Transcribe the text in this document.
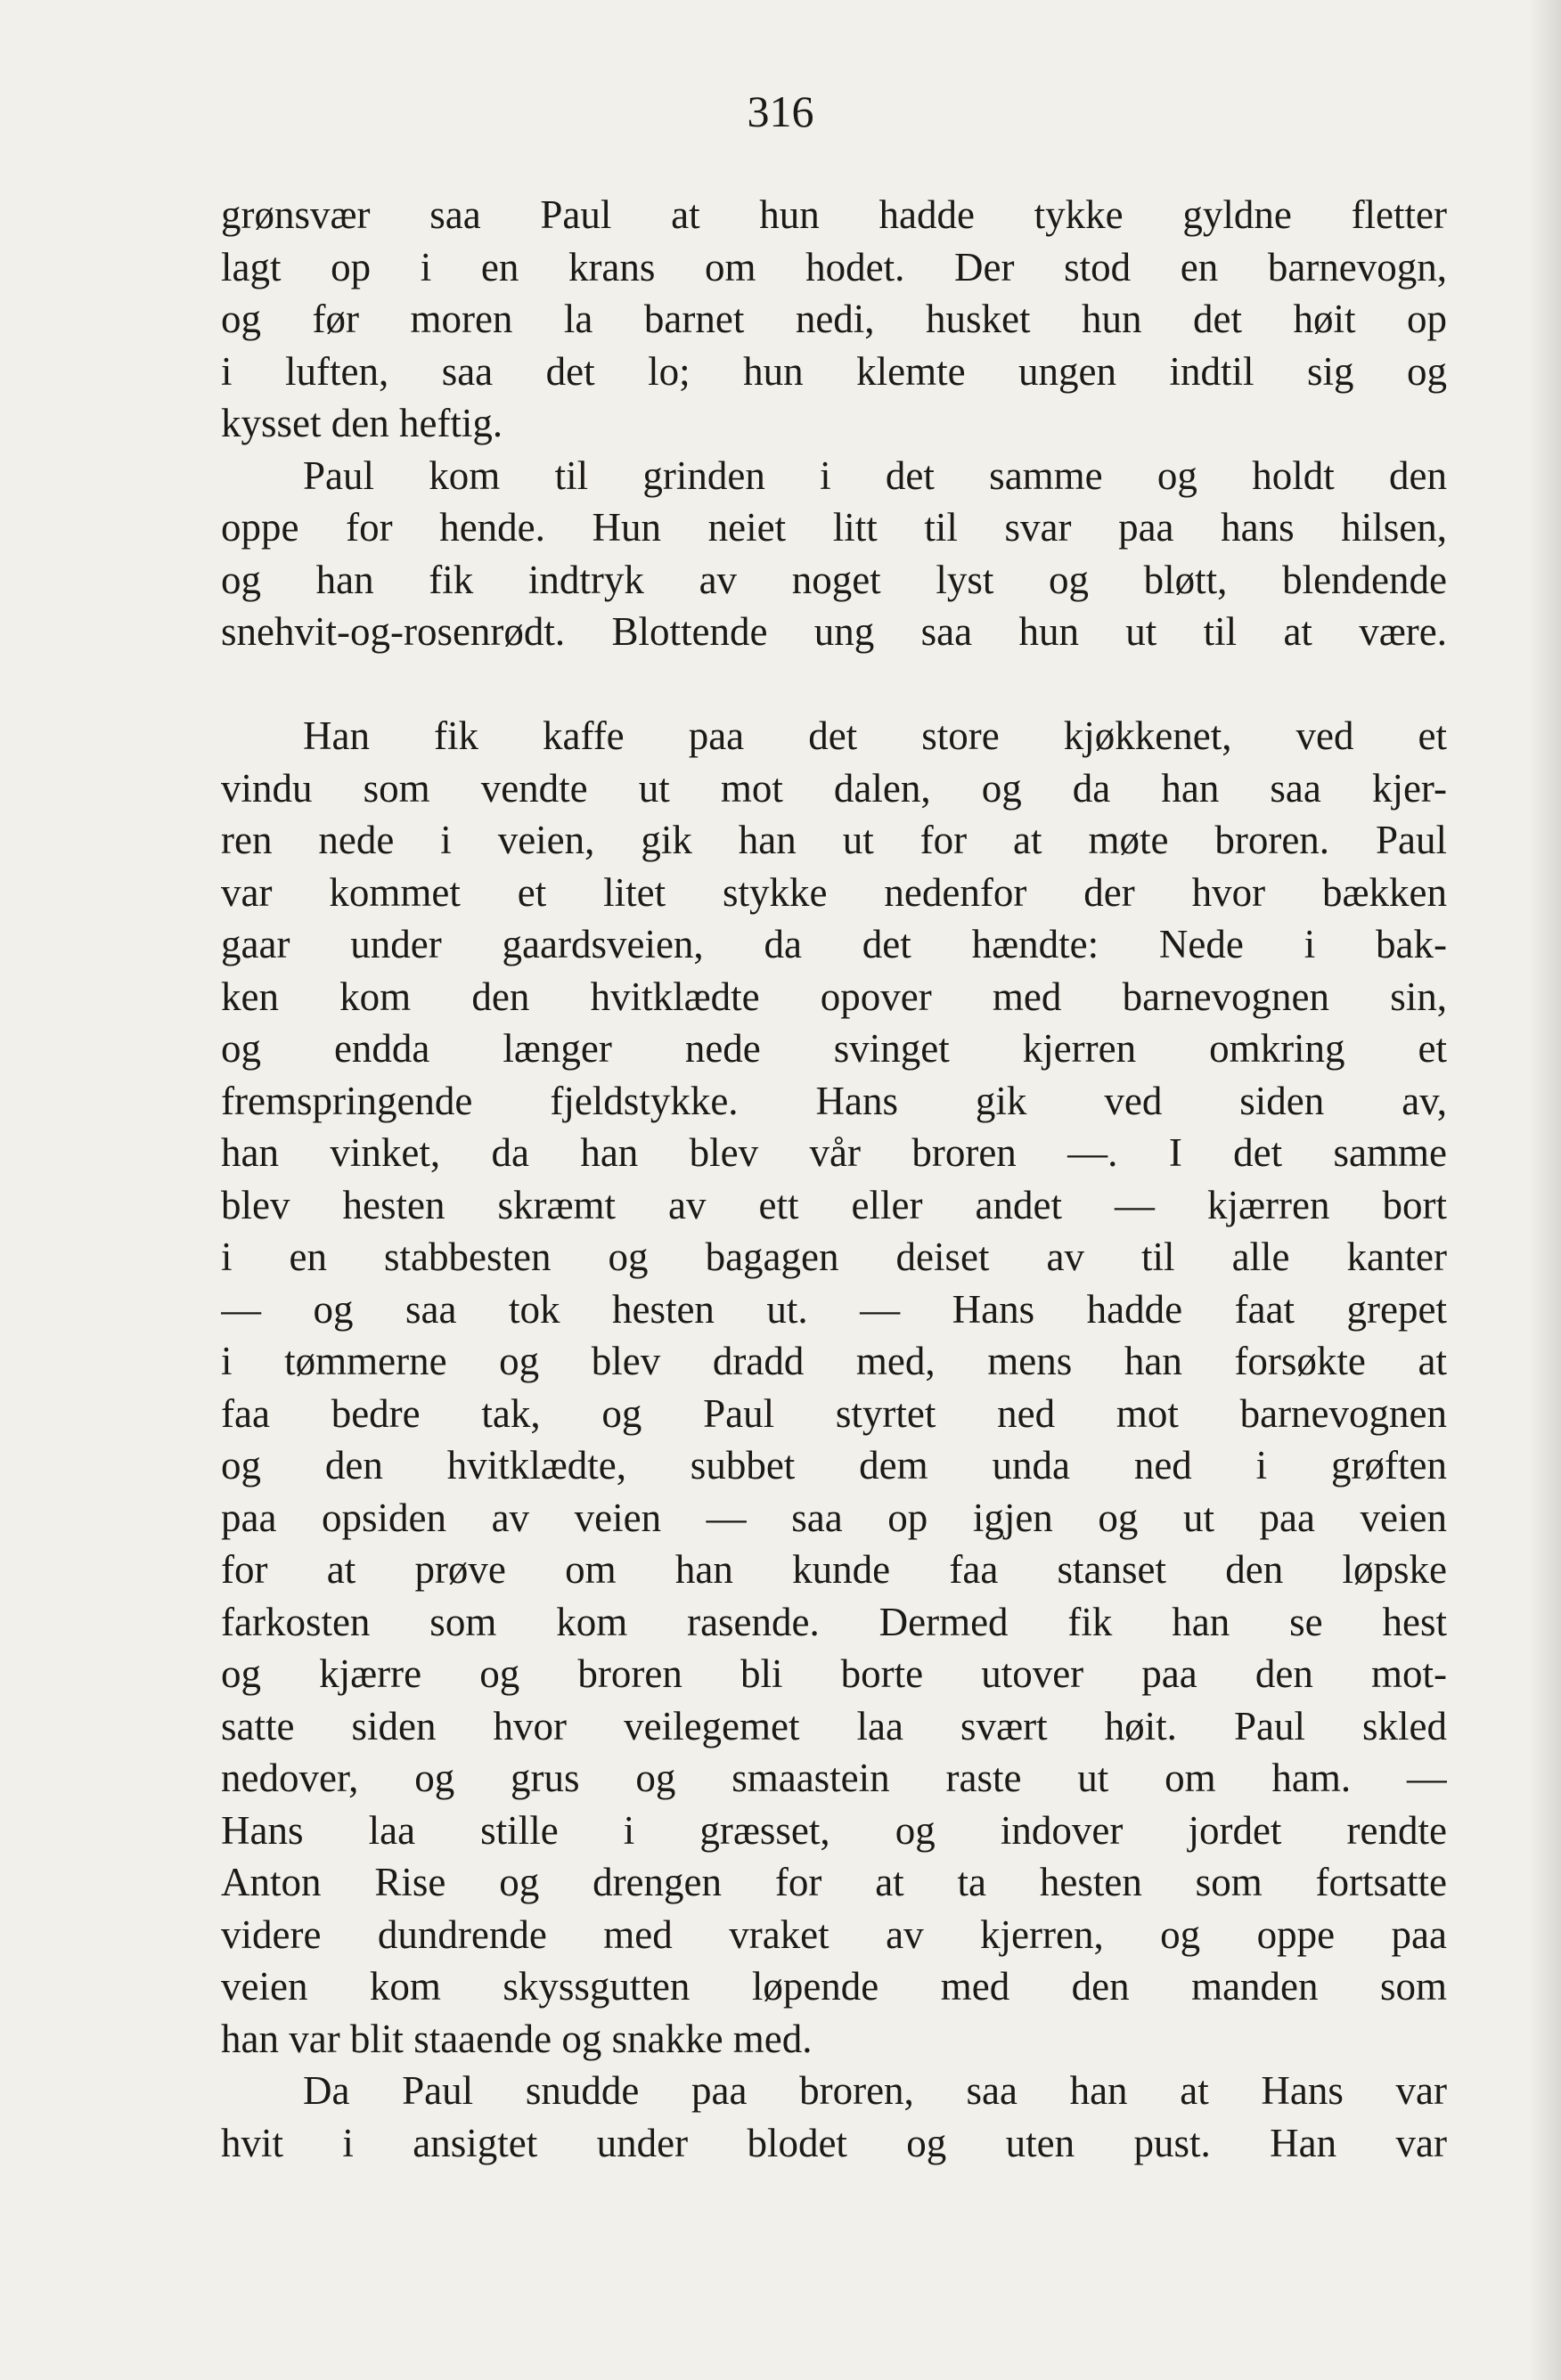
316

grønsvær saa Paul at hun hadde tykke gyldne fletter
lagt op i en krans om hodet. Der stod en barnevogn,
og før moren la barnet nedi, husket hun det høit op
i luften, saa det lo; hun klemte ungen indtil sig og
kysset den heftig.
Paul kom til grinden i det samme og holdt den
oppe for hende. Hun neiet litt til svar paa hans hilsen,
og han fik indtryk av noget lyst og bløtt, blendende
snehvit-og-rosenrødt. Blottende ung saa hun ut til at være.
Han fik kaffe paa det store kjøkkenet, ved et
vindu som vendte ut mot dalen, og da han saa kjer-
ren nede i veien, gik han ut for at møte broren. Paul
var kommet et litet stykke nedenfor der hvor bækken
gaar under gaardsveien, da det hændte: Nede i bak-
ken kom den hvitklædte opover med barnevognen sin,
og endda længer nede svinget kjerren omkring et
fremspringende fjeldstykke. Hans gik ved siden av,
han vinket, da han blev vår broren —. I det samme
blev hesten skræmt av ett eller andet — kjærren bort
i en stabbesten og bagagen deiset av til alle kanter
— og saa tok hesten ut. — Hans hadde faat grepet
i tømmerne og blev dradd med, mens han forsøkte at
faa bedre tak, og Paul styrtet ned mot barnevognen
og den hvitklædte, subbet dem unda ned i grøften
paa opsiden av veien — saa op igjen og ut paa veien
for at prøve om han kunde faa stanset den løpske
farkosten som kom rasende. Dermed fik han se hest
og kjærre og broren bli borte utover paa den mot-
satte siden hvor veilegemet laa svært høit. Paul skled
nedover, og grus og smaastein raste ut om ham. —
Hans laa stille i græsset, og indover jordet rendte
Anton Rise og drengen for at ta hesten som fortsatte
videre dundrende med vraket av kjerren, og oppe paa
veien kom skyssgutten løpende med den manden som
han var blit staaende og snakke med.
Da Paul snudde paa broren, saa han at Hans var
hvit i ansigtet under blodet og uten pust. Han var
